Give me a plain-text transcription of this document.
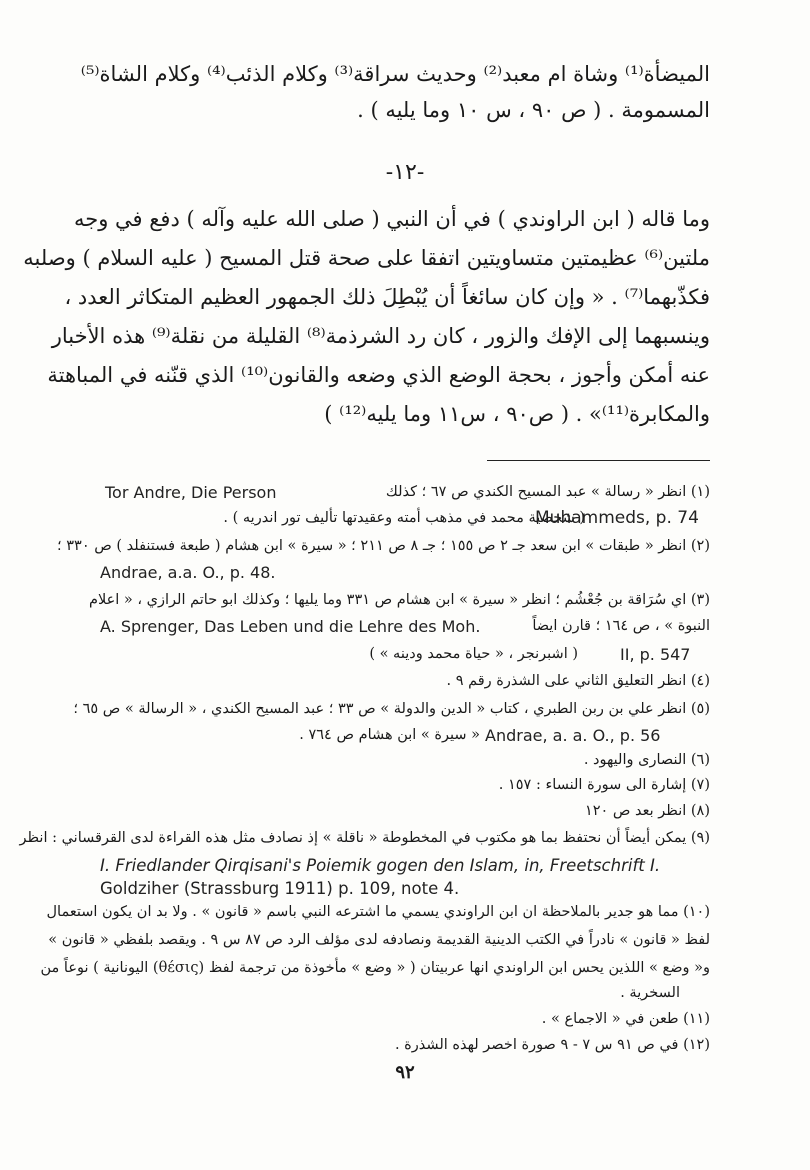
الميضأة⁽¹⁾ وشاة ام معبد⁽²⁾ وحديث سراقة⁽³⁾ وكلام الذئب⁽⁴⁾ وكلام الشاة⁽⁵⁾
المسمومة . ( ص ٩٠ ، س ١٠ وما يليه ) .
-١٢-
وما قاله ( ابن الراوندي ) في أن النبي ( صلى الله عليه وآله ) دفع في وجه
ملتين⁽⁶⁾ عظيمتين متساويتين اتفقا على صحة قتل المسيح ( عليه السلام ) وصلبه
فكذّبهما⁽⁷⁾ . « وإن كان سائغاً أن يُبْطِلَ ذلك الجمهور العظيم المتكاثر العدد ،
وينسبهما إلى الإفك والزور ، كان رد الشرذمة⁽⁸⁾ القليلة من نقلة⁽⁹⁾ هذه الأخبار
عنه أمكن وأجوز ، بحجة الوضع الذي وضعه والقانون⁽¹⁰⁾ الذي قنّنه في المباهتة
والمكابرة⁽¹¹⁾» . ( ص٩٠ ، س١١ وما يليه⁽¹²⁾ )
(١) انظر « رسالة » عبد المسيح الكندي ص ٦٧ ؛ كذلك
Tor Andre, Die Person
( شخصية محمد في مذهب أمته وعقيدتها تأليف تور اندريه ) .
Muhammeds, p. 74
(٢) انظر « طبقات » ابن سعد جـ ٢ ص ١٥٥ ؛ جـ ٨ ص ٢١١ ؛ « سيرة » ابن هشام ( طبعة فستنفلد ) ص ٣٣٠ ؛
Andrae, a.a. O., p. 48.
(٣) اي سُرَاقة بن جُعْشُم ؛ انظر « سيرة » ابن هشام ص ٣٣١ وما يليها ؛ وكذلك ابو حاتم الرازي ، « اعلام
النبوة » ، ص ١٦٤ ؛ قارن ايضاً
A. Sprenger, Das Leben und die Lehre des Moh.
( اشبرنجر ، « حياة محمد ودينه » )	II, p. 547
(٤) انظر التعليق الثاني على الشذرة رقم ٩ .
(٥) انظر علي بن ربن الطبري ، كتاب « الدين والدولة » ص ٣٣ ؛ عبد المسيح الكندي ، « الرسالة » ص ٦٥ ؛
« سيرة » ابن هشام ص ٧٦٤ . Andrae, a. a. O., p. 56
(٦) النصارى واليهود .
(٧) إشارة الى سورة النساء : ١٥٧ .
(٨) انظر بعد ص ١٢٠
(٩) يمكن أيضاً أن نحتفظ بما هو مكتوب في المخطوطة « ناقلة » إذ نصادف مثل هذه القراءة لدى القرقساني : انظر
I. Friedlander Qirqisani's Poiemik gogen den Islam, in, Freetschrift I.
Goldziher (Strassburg 1911) p. 109, note 4.
(١٠) مما هو جدير بالملاحظة ان ابن الراوندي يسمي ما اشترعه النبي باسم « قانون » . ولا بد ان يكون استعمال
لفظ « قانون » نادراً في الكتب الدينية القديمة ونصادفه لدى مؤلف الرد ص ٨٧ س ٩ . ويقصد بلفظي « قانون »
و« وضع » اللذين يحس ابن الراوندي انها عربيتان ( « وضع » مأخوذة من ترجمة لفظ (θέσις) اليونانية ) نوعاً من
السخرية .
(١١) طعن في « الاجماع » .
(١٢) في ص ٩١ س ٧ - ٩ صورة اخصر لهذه الشذرة .
٩٢
